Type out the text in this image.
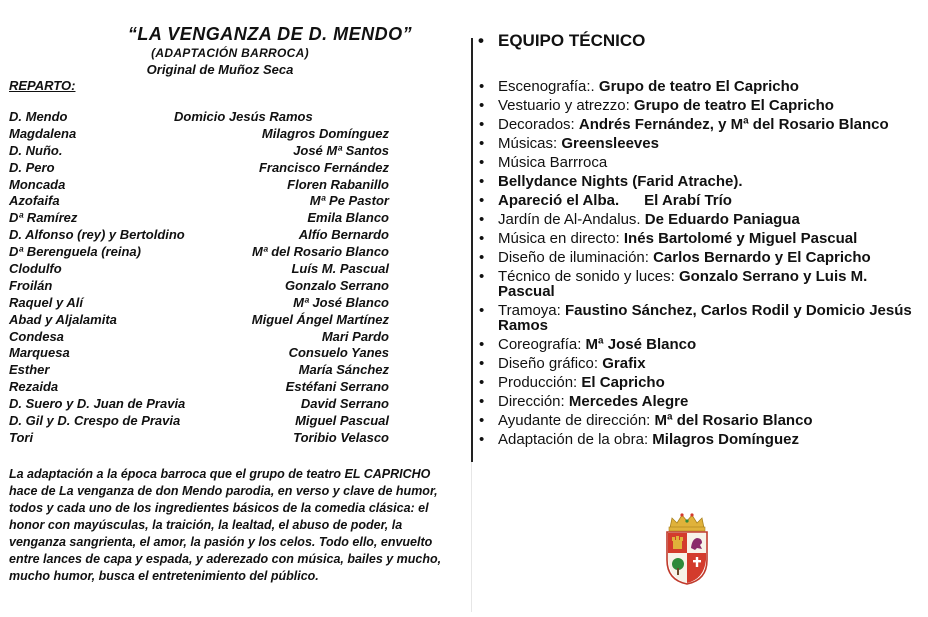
“LA VENGANZA DE D. MENDO”
(ADAPTACIÓN BARROCA)
Original de Muñoz Seca
REPARTO:
D. Mendo	Domicio Jesús Ramos
Magdalena	Milagros Domínguez
D. Nuño.	José Mª Santos
D. Pero	Francisco Fernández
Moncada	Floren Rabanillo
Azofaifa	Mª Pe Pastor
Dª Ramírez	Emila Blanco
D. Alfonso (rey) y Bertoldino	Alfío Bernardo
Dª Berenguela (reina)	Mª del Rosario Blanco
Clodulfo	Luís M. Pascual
Froilán	Gonzalo Serrano
Raquel y Alí	Mª José Blanco
Abad y Aljalamita	Miguel Ángel Martínez
Condesa	Mari Pardo
Marquesa	Consuelo Yanes
Esther	María Sánchez
Rezaida	Estéfani Serrano
D. Suero y D. Juan de Pravia	David Serrano
D. Gil y D. Crespo de Pravia	Miguel Pascual
Tori	Toribio Velasco
La adaptación a la época barroca que el grupo de teatro EL CAPRICHO hace de La venganza de don Mendo parodia, en verso y clave de humor, todos y cada uno de los ingredientes básicos de la comedia clásica: el honor con mayúsculas, la traición, la lealtad, el abuso de poder, la venganza sangrienta, el amor, la pasión y los celos. Todo ello, envuelto entre lances de capa y espada, y aderezado con música, bailes y mucho, mucho humor, busca el entretenimiento del público.
• EQUIPO TÉCNICO
• Escenografía:. Grupo de teatro El Capricho
• Vestuario y atrezzo: Grupo de teatro El Capricho
• Decorados: Andrés Fernández, y Mª del Rosario Blanco
• Músicas: Greensleeves
• Música Barrroca
• Bellydance Nights (Farid Atrache).
• Apareció el Alba.      El Arabí Trío
• Jardín de Al-Andalus. De Eduardo Paniagua
• Música en directo: Inés Bartolomé y Miguel Pascual
• Diseño de iluminación: Carlos Bernardo y El Capricho
• Técnico de sonido y luces: Gonzalo Serrano y Luis M. Pascual
• Tramoya: Faustino Sánchez, Carlos Rodil y Domicio Jesús Ramos
• Coreografía: Mª José Blanco
• Diseño gráfico: Grafix
• Producción: El Capricho
• Dirección: Mercedes Alegre
• Ayudante de dirección: Mª del Rosario Blanco
• Adaptación de la obra: Milagros Domínguez
